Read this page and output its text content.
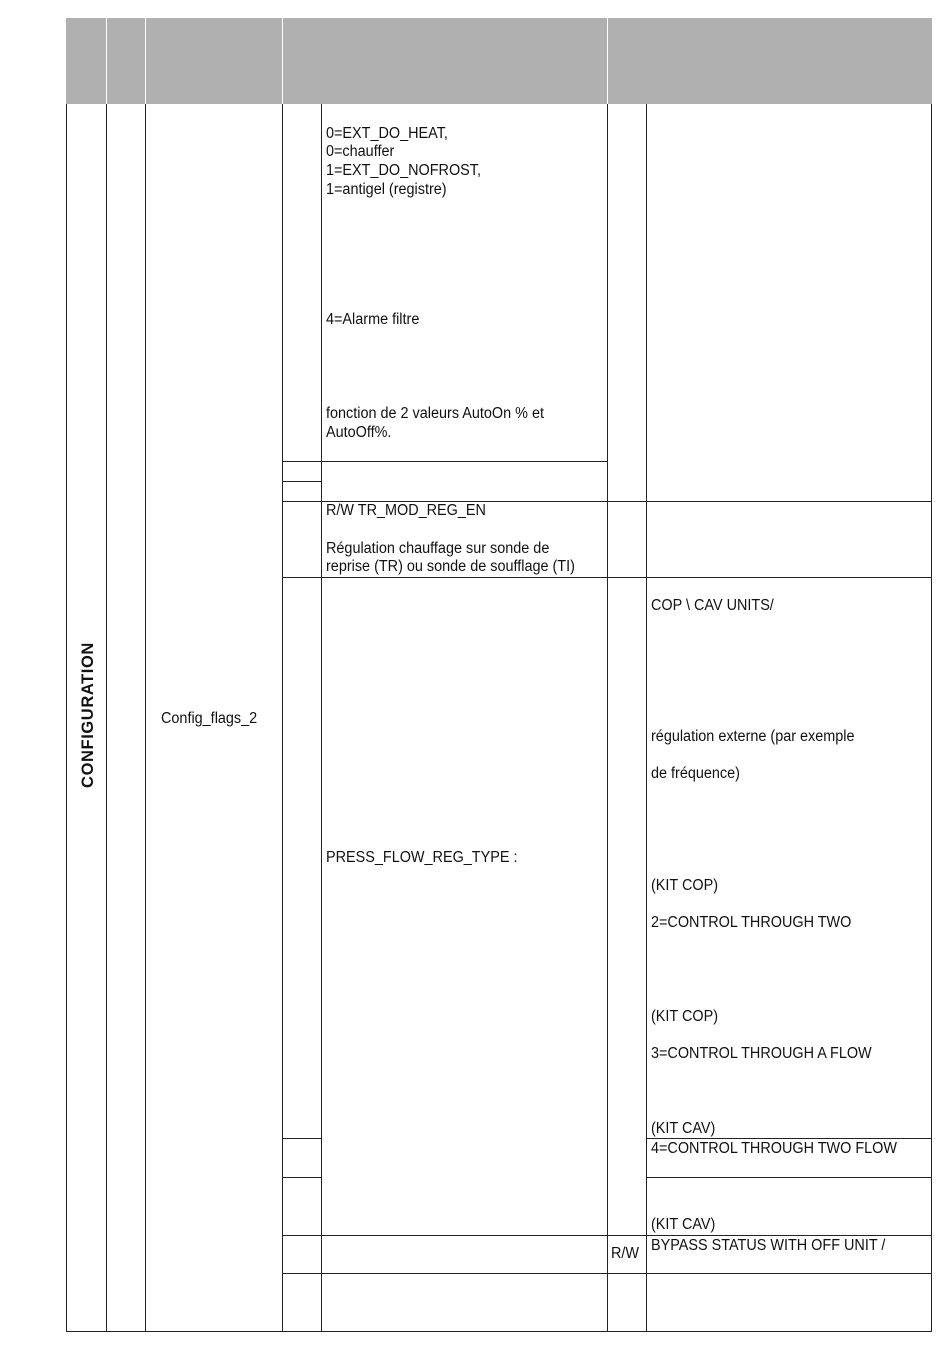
CONFIGURATION	Config_flags_2
0=EXT_DO_HEAT,
0=chauffer
1=EXT_DO_NOFROST,
1=antigel (registre)
4=Alarme filtre
fonction de 2 valeurs AutoOn % et
AutoOff%.
R/W TR_MOD_REG_EN
Régulation chauffage sur sonde de
reprise (TR) ou sonde de soufflage (TI)
PRESS_FLOW_REG_TYPE :
COP \ CAV UNITS/
régulation externe (par exemple
de fréquence)
(KIT COP)
2=CONTROL THROUGH TWO
(KIT COP)
3=CONTROL THROUGH A FLOW
(KIT CAV)
4=CONTROL THROUGH TWO FLOW
(KIT CAV)
R/W BYPASS STATUS WITH OFF UNIT /
